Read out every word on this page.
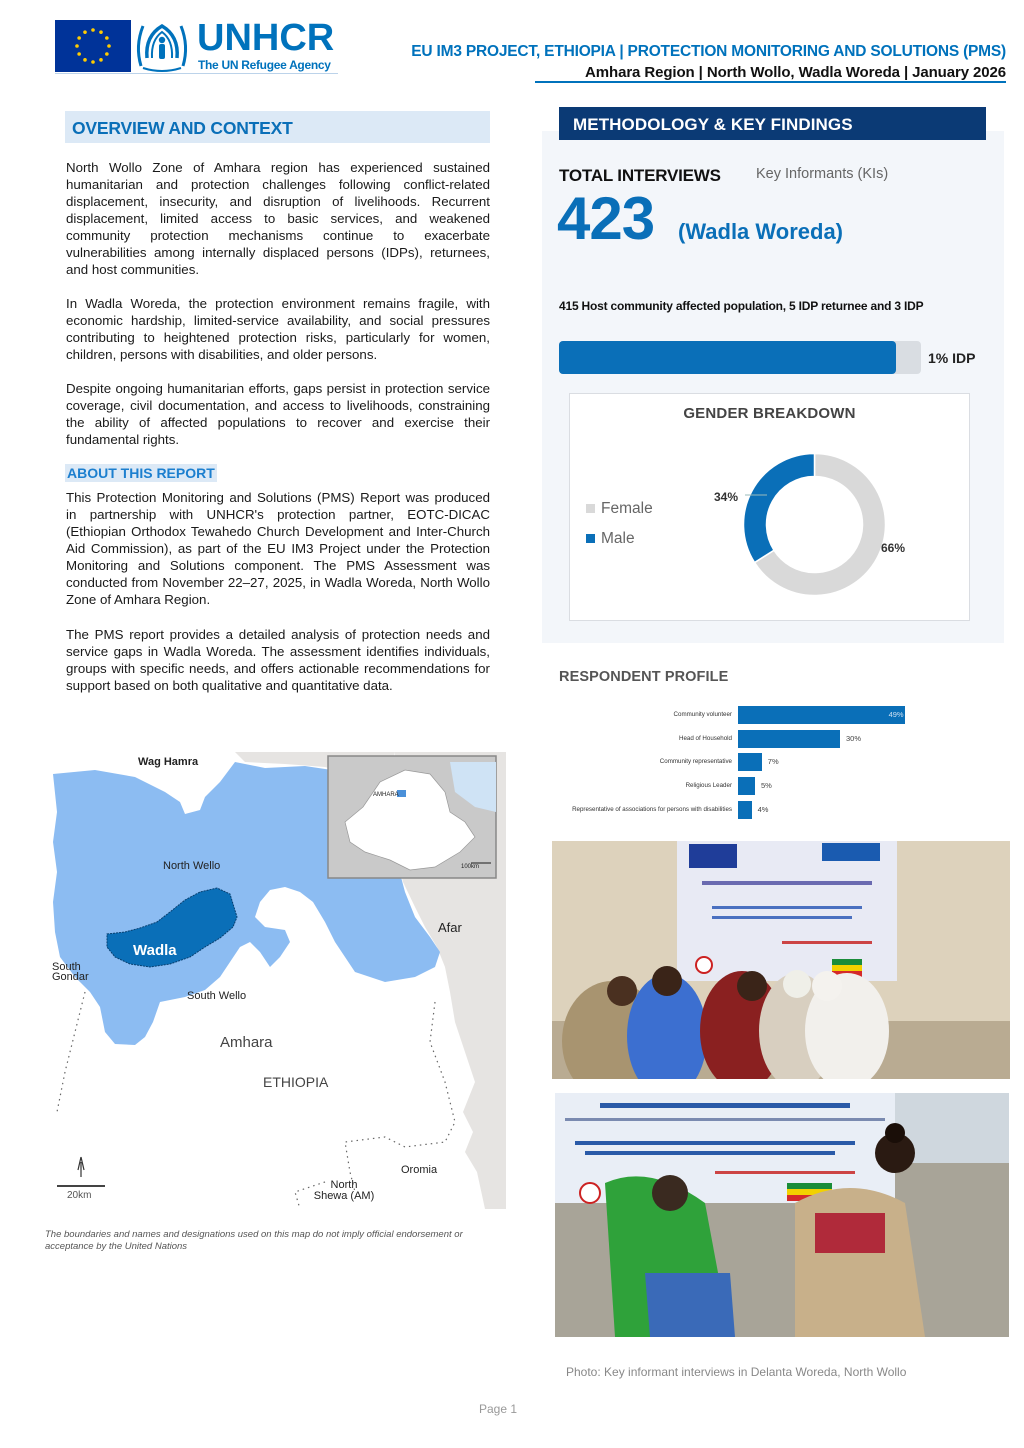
UNHCR
The UN Refugee Agency
EU IM3 PROJECT, ETHIOPIA | PROTECTION MONITORING AND SOLUTIONS (PMS)
Amhara Region | North Wollo, Wadla Woreda | January 2026
OVERVIEW AND CONTEXT

North Wollo Zone of Amhara region has experienced sustained humanitarian and protection challenges following conflict-related displacement, insecurity, and disruption of livelihoods. Recurrent displacement, limited access to basic services, and weakened community protection mechanisms continue to exacerbate vulnerabilities among internally displaced persons (IDPs), returnees, and host communities.

In Wadla Woreda, the protection environment remains fragile, with economic hardship, limited-service availability, and social pressures contributing to heightened protection risks, particularly for women, children, persons with disabilities, and older persons.

Despite ongoing humanitarian efforts, gaps persist in protection service coverage, civil documentation, and access to livelihoods, constraining the ability of affected populations to recover and exercise their fundamental rights.

ABOUT THIS REPORT

This Protection Monitoring and Solutions (PMS) Report was produced in partnership with UNHCR's protection partner, EOTC-DICAC (Ethiopian Orthodox Tewahedo Church Development and Inter-Church Aid Commission), as part of the EU IM3 Project under the Protection Monitoring and Solutions component. The PMS Assessment was conducted from November 22–27, 2025, in Wadla Woreda, North Wollo Zone of Amhara Region.

The PMS report provides a detailed analysis of protection needs and service gaps in Wadla Woreda. The assessment identifies individuals, groups with specific needs, and offers actionable recommendations for support based on both qualitative and quantitative data.

Wag Hamra
North Wello
Wadla
Afar
South Gondar
South Wello
Amhara
ETHIOPIA
Oromia
North Shewa (AM)
AMHARA
100km
20km
The boundaries and names and designations used on this map do not imply official endorsement or acceptance by the United Nations
METHODOLOGY & KEY FINDINGS
TOTAL INTERVIEWS Key Informants (KIs)
423 (Wadla Woreda)
415 Host community affected population, 5 IDP returnee and 3 IDP
1% IDP
GENDER BREAKDOWN
Female
Male
34%
66%
RESPONDENT PROFILE
Community volunteer	49%
Head of Household	30%
Community representative	7%
Religious Leader	5%
Representative of associations for persons with disabilities	4%
Photo: Key informant interviews in Delanta Woreda, North Wollo
Page 1
